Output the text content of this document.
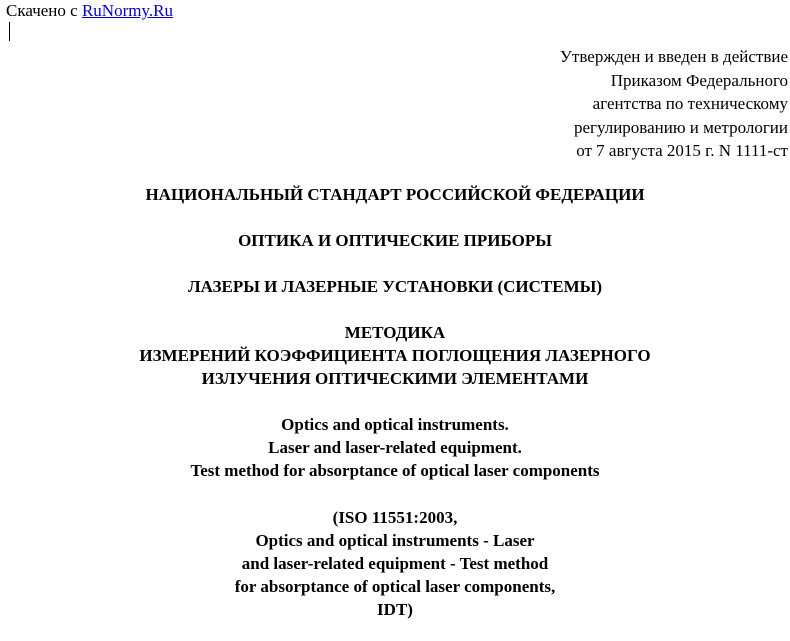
Скачено с RuNormy.Ru
Утвержден и введен в действие
Приказом Федерального
агентства по техническому
регулированию и метрологии
от 7 августа 2015 г. N 1111-ст
НАЦИОНАЛЬНЫЙ СТАНДАРТ РОССИЙСКОЙ ФЕДЕРАЦИИ
ОПТИКА И ОПТИЧЕСКИЕ ПРИБОРЫ
ЛАЗЕРЫ И ЛАЗЕРНЫЕ УСТАНОВКИ (СИСТЕМЫ)
МЕТОДИКА
ИЗМЕРЕНИЙ КОЭФФИЦИЕНТА ПОГЛОЩЕНИЯ ЛАЗЕРНОГО
ИЗЛУЧЕНИЯ ОПТИЧЕСКИМИ ЭЛЕМЕНТАМИ
Optics and optical instruments.
Laser and laser-related equipment.
Test method for absorptance of optical laser components
(ISO 11551:2003,
Optics and optical instruments - Laser
and laser-related equipment - Test method
for absorptance of optical laser components,
IDT)
